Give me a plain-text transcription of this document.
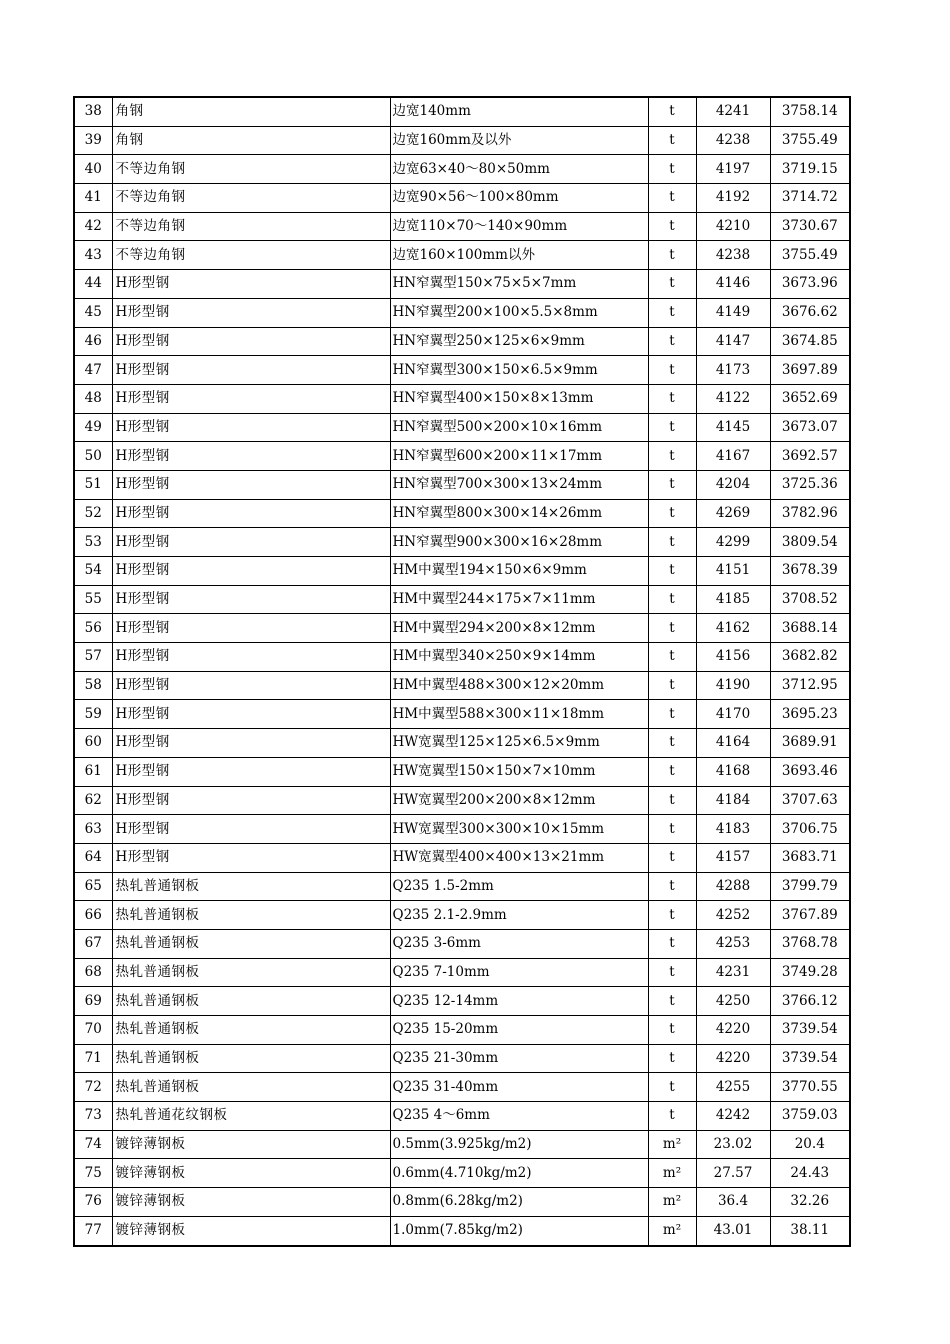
38	角钢	边宽140mm	t	4241	3758.14
39	角钢	边宽160mm及以外	t	4238	3755.49
40	不等边角钢	边宽63×40～80×50mm	t	4197	3719.15
41	不等边角钢	边宽90×56～100×80mm	t	4192	3714.72
42	不等边角钢	边宽110×70～140×90mm	t	4210	3730.67
43	不等边角钢	边宽160×100mm以外	t	4238	3755.49
44	H形型钢	HN窄翼型150×75×5×7mm	t	4146	3673.96
45	H形型钢	HN窄翼型200×100×5.5×8mm	t	4149	3676.62
46	H形型钢	HN窄翼型250×125×6×9mm	t	4147	3674.85
47	H形型钢	HN窄翼型300×150×6.5×9mm	t	4173	3697.89
48	H形型钢	HN窄翼型400×150×8×13mm	t	4122	3652.69
49	H形型钢	HN窄翼型500×200×10×16mm	t	4145	3673.07
50	H形型钢	HN窄翼型600×200×11×17mm	t	4167	3692.57
51	H形型钢	HN窄翼型700×300×13×24mm	t	4204	3725.36
52	H形型钢	HN窄翼型800×300×14×26mm	t	4269	3782.96
53	H形型钢	HN窄翼型900×300×16×28mm	t	4299	3809.54
54	H形型钢	HM中翼型194×150×6×9mm	t	4151	3678.39
55	H形型钢	HM中翼型244×175×7×11mm	t	4185	3708.52
56	H形型钢	HM中翼型294×200×8×12mm	t	4162	3688.14
57	H形型钢	HM中翼型340×250×9×14mm	t	4156	3682.82
58	H形型钢	HM中翼型488×300×12×20mm	t	4190	3712.95
59	H形型钢	HM中翼型588×300×11×18mm	t	4170	3695.23
60	H形型钢	HW宽翼型125×125×6.5×9mm	t	4164	3689.91
61	H形型钢	HW宽翼型150×150×7×10mm	t	4168	3693.46
62	H形型钢	HW宽翼型200×200×8×12mm	t	4184	3707.63
63	H形型钢	HW宽翼型300×300×10×15mm	t	4183	3706.75
64	H形型钢	HW宽翼型400×400×13×21mm	t	4157	3683.71
65	热轧普通钢板	Q235 1.5-2mm	t	4288	3799.79
66	热轧普通钢板	Q235 2.1-2.9mm	t	4252	3767.89
67	热轧普通钢板	Q235 3-6mm	t	4253	3768.78
68	热轧普通钢板	Q235 7-10mm	t	4231	3749.28
69	热轧普通钢板	Q235 12-14mm	t	4250	3766.12
70	热轧普通钢板	Q235 15-20mm	t	4220	3739.54
71	热轧普通钢板	Q235 21-30mm	t	4220	3739.54
72	热轧普通钢板	Q235 31-40mm	t	4255	3770.55
73	热轧普通花纹钢板	Q235 4～6mm	t	4242	3759.03
74	镀锌薄钢板	0.5mm(3.925kg/m2)	m²	23.02	20.4
75	镀锌薄钢板	0.6mm(4.710kg/m2)	m²	27.57	24.43
76	镀锌薄钢板	0.8mm(6.28kg/m2)	m²	36.4	32.26
77	镀锌薄钢板	1.0mm(7.85kg/m2)	m²	43.01	38.11
